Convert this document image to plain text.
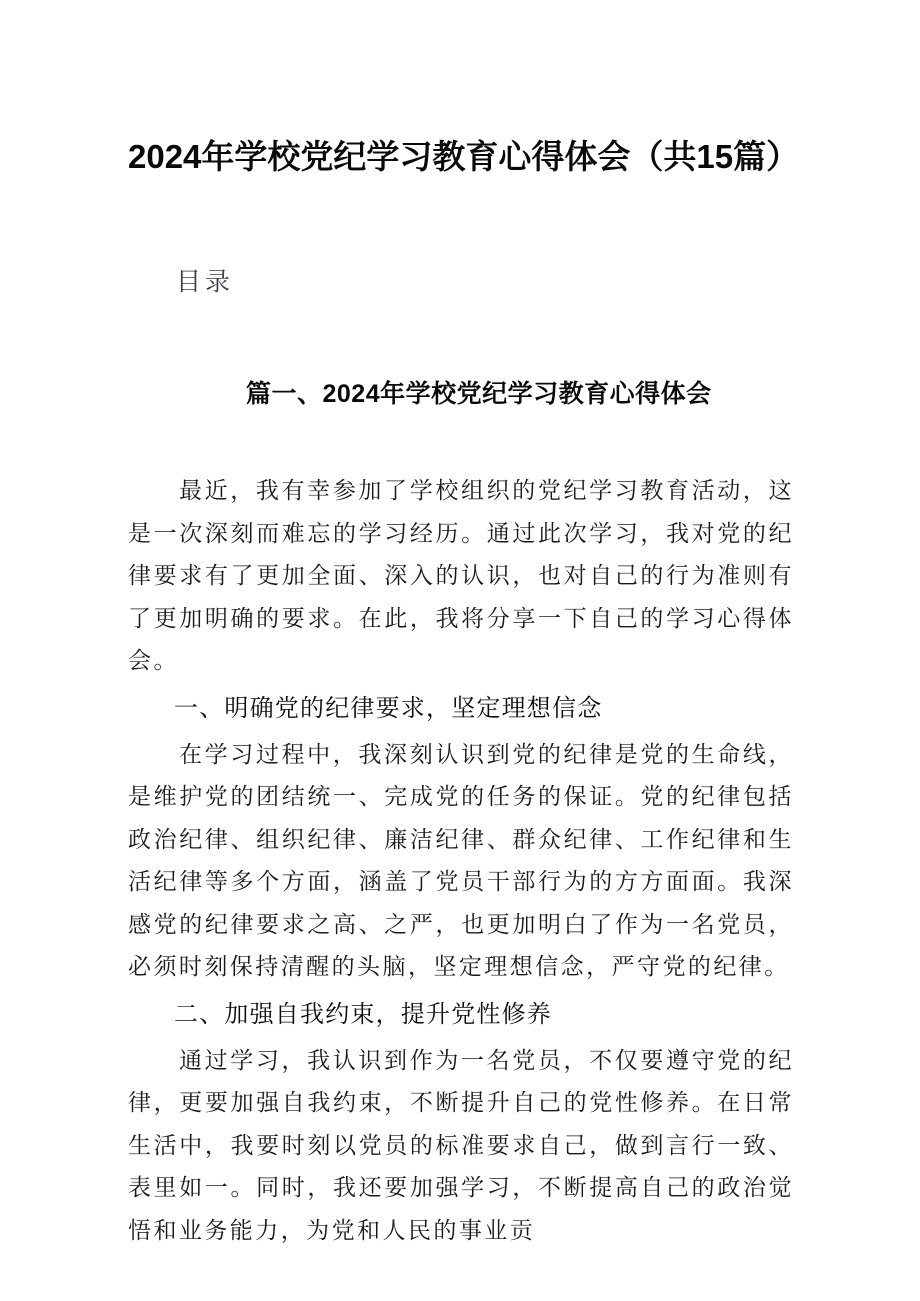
2024年学校党纪学习教育心得体会（共15篇）
目录
篇一、2024年学校党纪学习教育心得体会

最近，我有幸参加了学校组织的党纪学习教育活动，这是一次深刻而难忘的学习经历。通过此次学习，我对党的纪律要求有了更加全面、深入的认识，也对自己的行为准则有了更加明确的要求。在此，我将分享一下自己的学习心得体会。

一、明确党的纪律要求，坚定理想信念

在学习过程中，我深刻认识到党的纪律是党的生命线，是维护党的团结统一、完成党的任务的保证。党的纪律包括政治纪律、组织纪律、廉洁纪律、群众纪律、工作纪律和生活纪律等多个方面，涵盖了党员干部行为的方方面面。我深感党的纪律要求之高、之严，也更加明白了作为一名党员，必须时刻保持清醒的头脑，坚定理想信念，严守党的纪律。

二、加强自我约束，提升党性修养

通过学习，我认识到作为一名党员，不仅要遵守党的纪律，更要加强自我约束，不断提升自己的党性修养。在日常生活中，我要时刻以党员的标准要求自己，做到言行一致、表里如一。同时，我还要加强学习，不断提高自己的政治觉悟和业务能力，为党和人民的事业贡
